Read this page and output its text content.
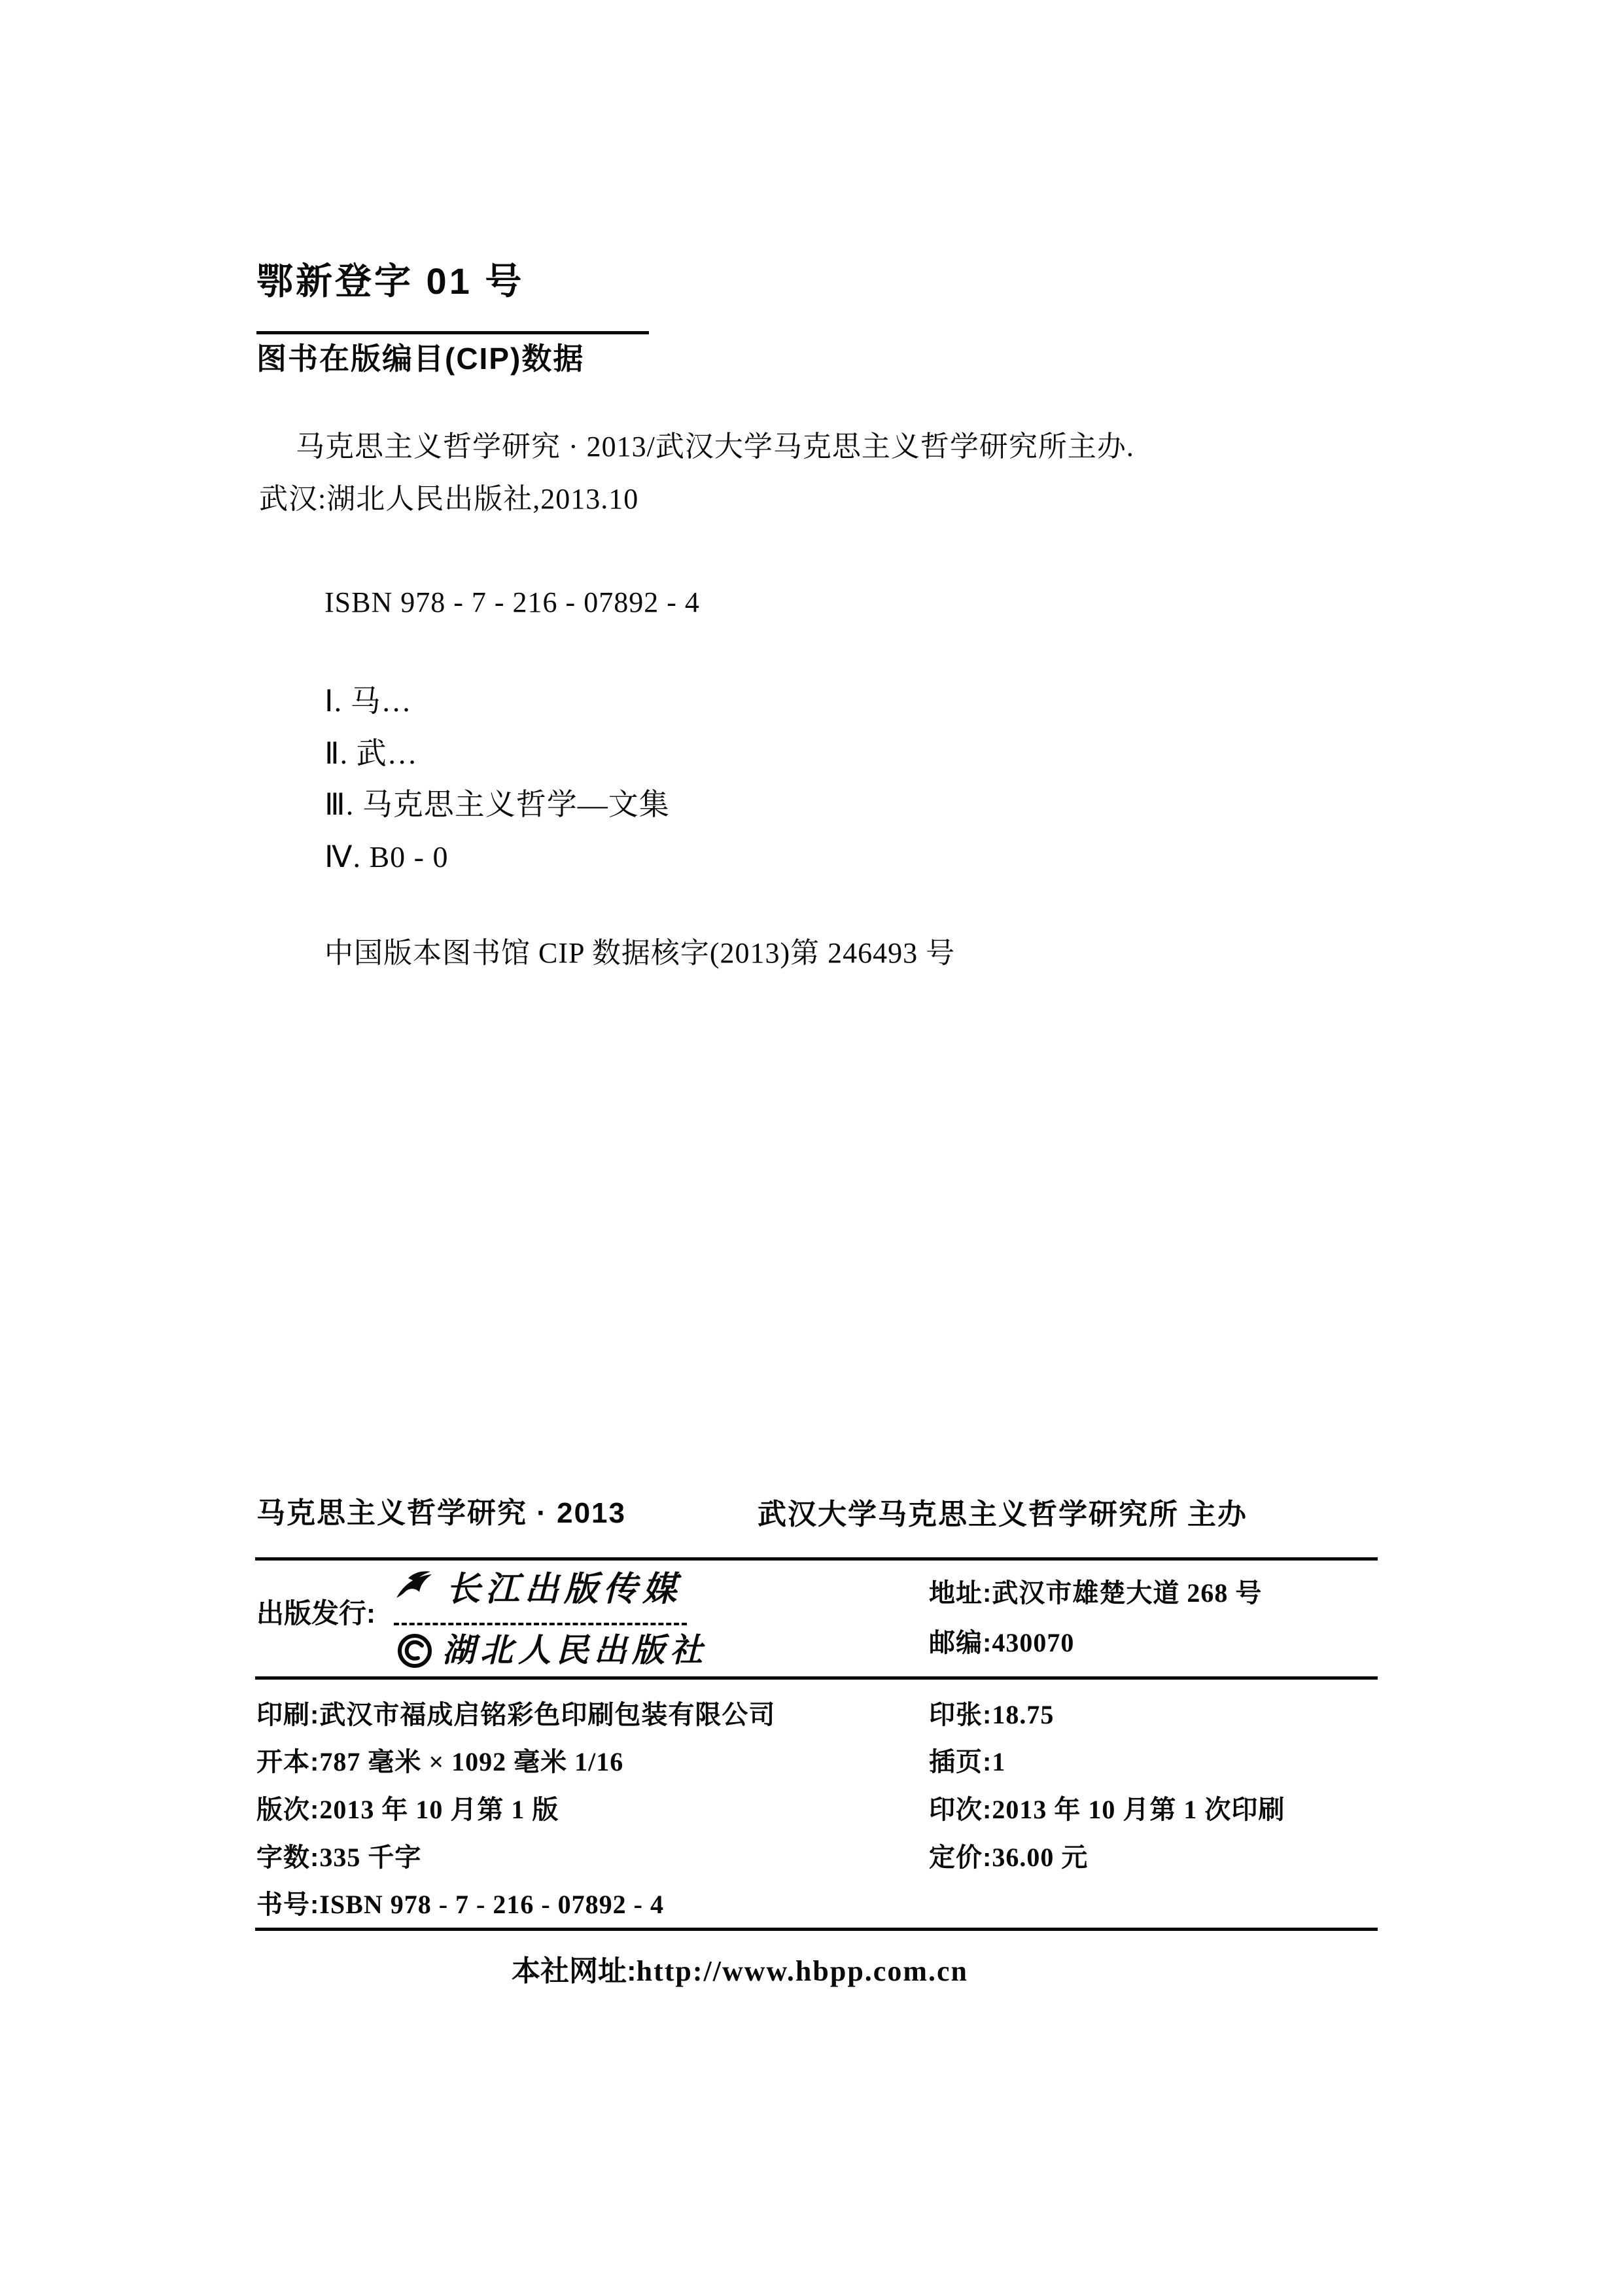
鄂新登字 01 号
图书在版编目(CIP)数据
马克思主义哲学研究 · 2013/武汉大学马克思主义哲学研究所主办.
武汉:湖北人民出版社,2013.10
ISBN 978 - 7 - 216 - 07892 - 4
Ⅰ. 马…
Ⅱ. 武…
Ⅲ. 马克思主义哲学—文集
Ⅳ. B0 - 0
中国版本图书馆 CIP 数据核字(2013)第 246493 号
马克思主义哲学研究 · 2013	武汉大学马克思主义哲学研究所 主办
出版发行:
长江出版传媒
湖北人民出版社
地址:武汉市雄楚大道 268 号
邮编:430070
印刷:武汉市福成启铭彩色印刷包装有限公司
开本:787 毫米 × 1092 毫米 1/16
版次:2013 年 10 月第 1 版
字数:335 千字
书号:ISBN 978 - 7 - 216 - 07892 - 4
印张:18.75
插页:1
印次:2013 年 10 月第 1 次印刷
定价:36.00 元
本社网址:http://www.hbpp.com.cn
